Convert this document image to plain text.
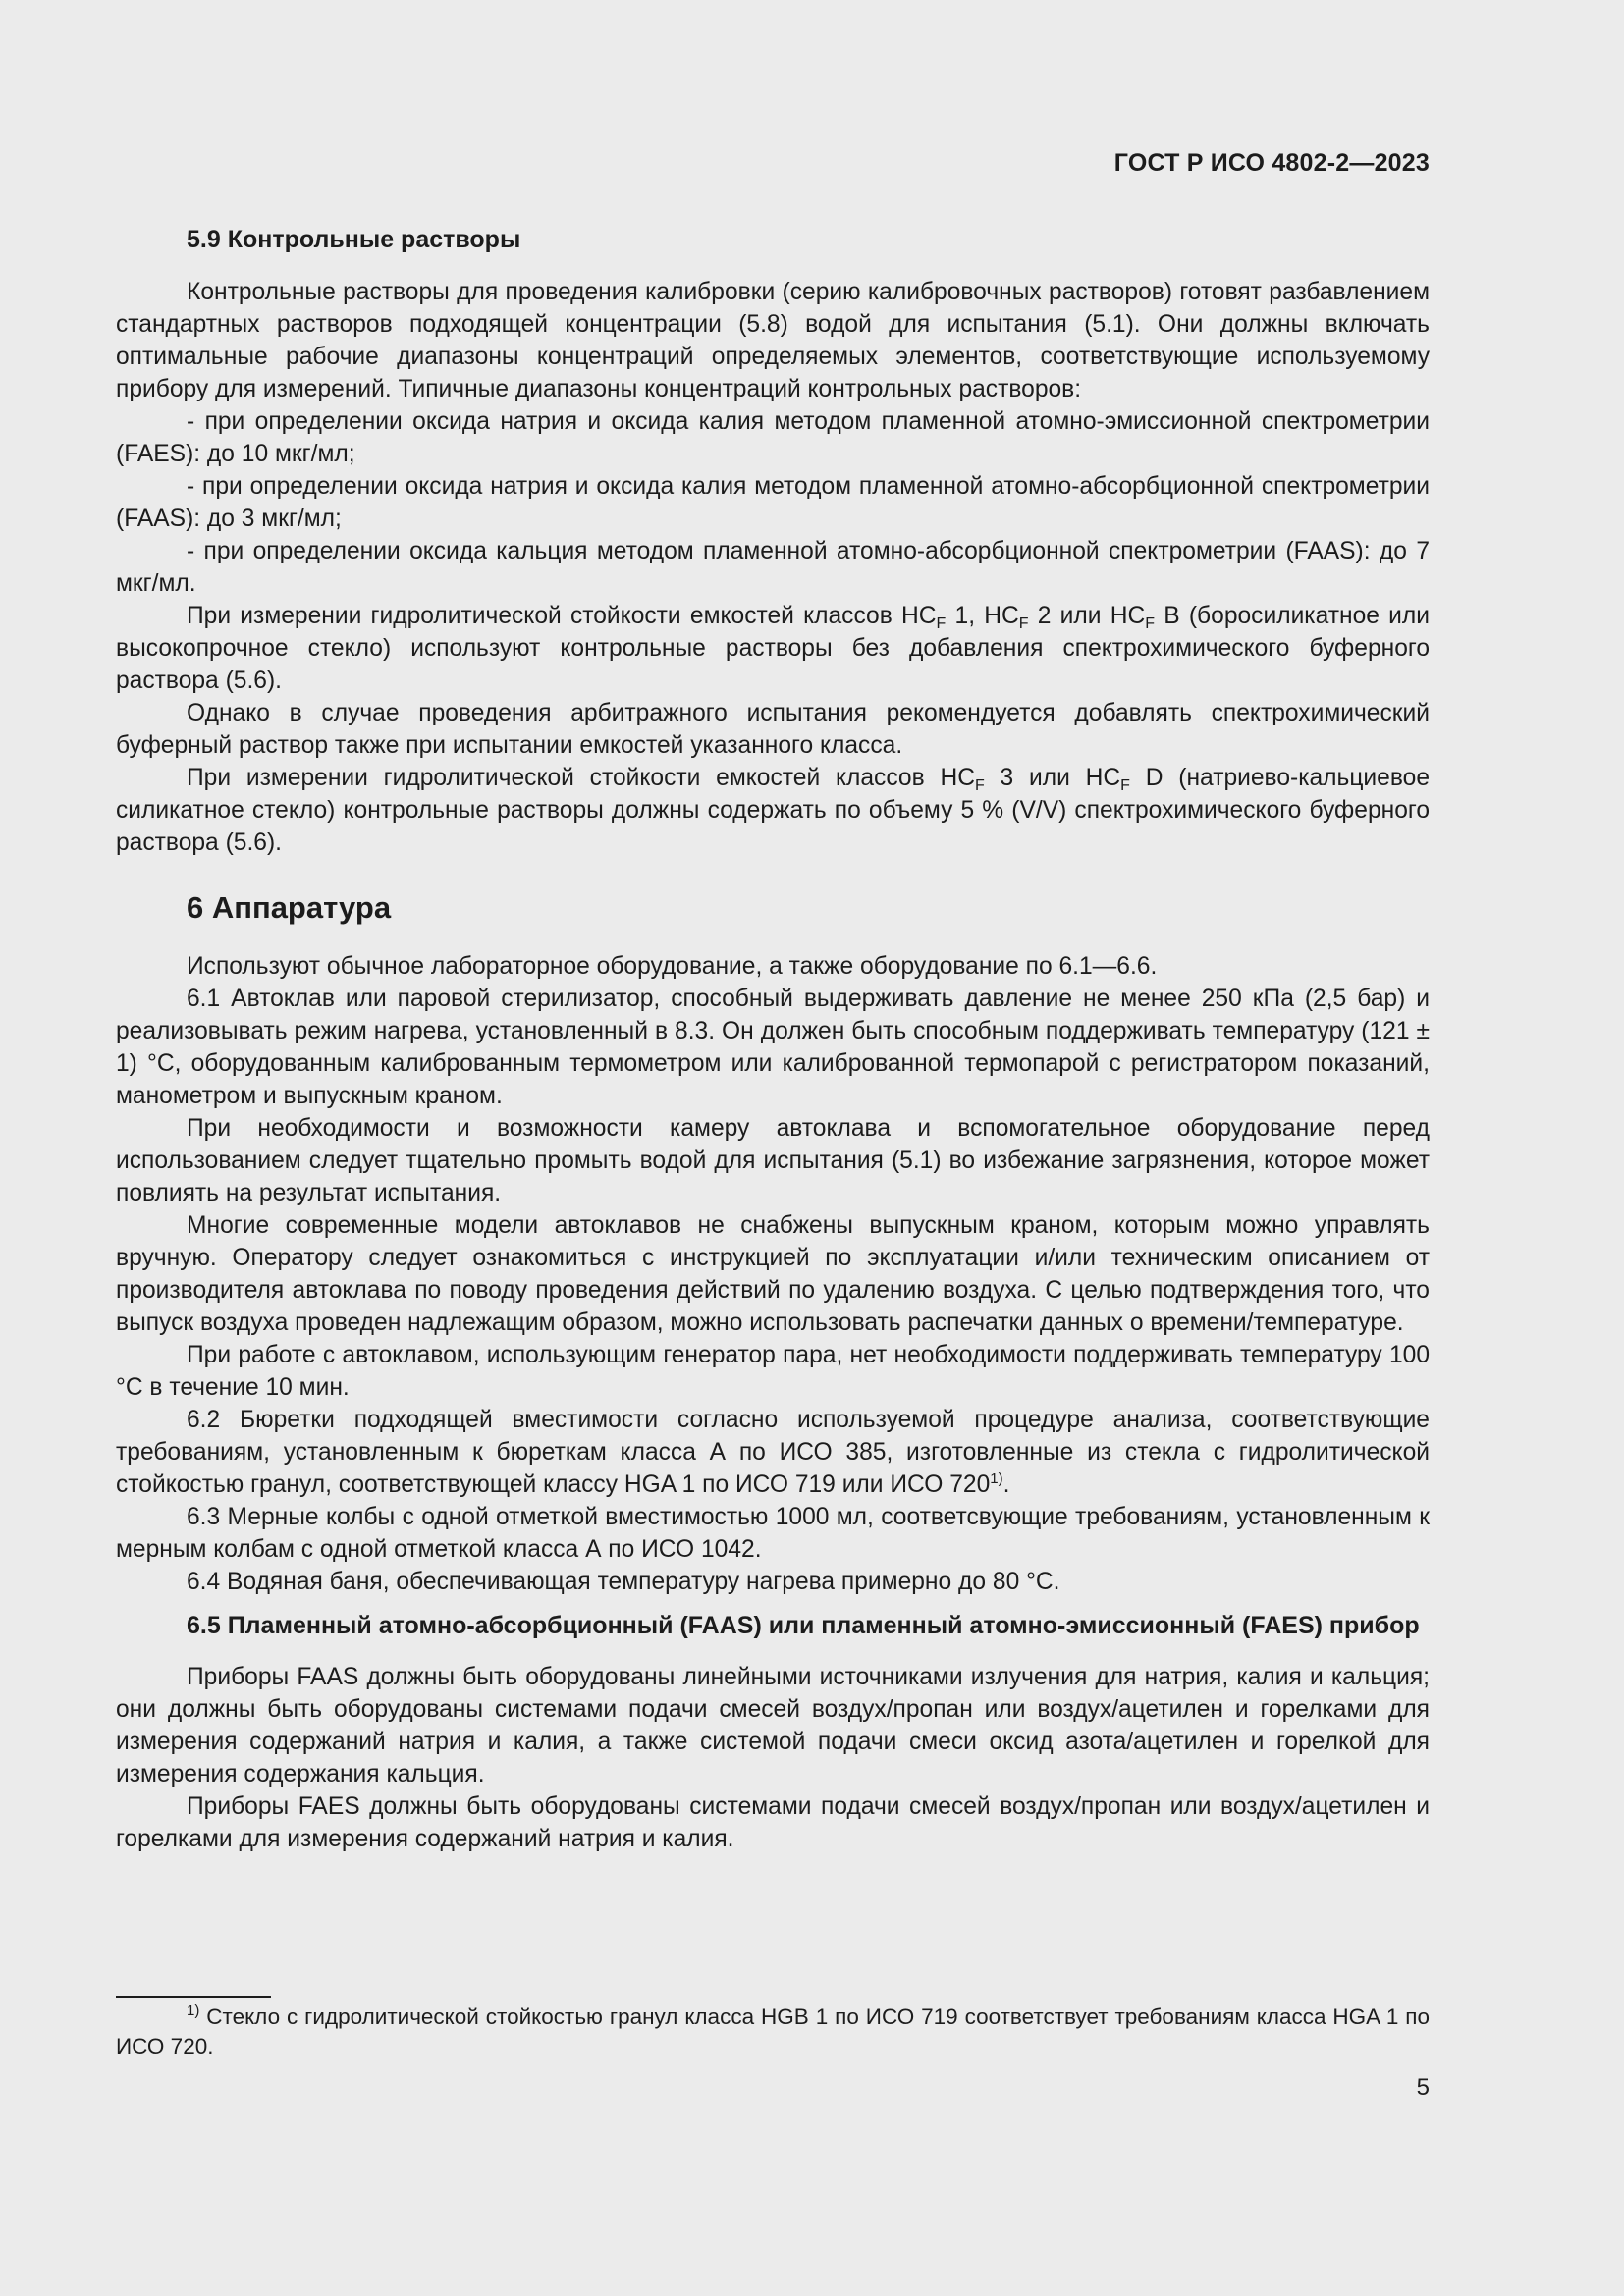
ГОСТ Р ИСО 4802-2—2023
5.9 Контрольные растворы

Контрольные растворы для проведения калибровки (серию калибровочных растворов) готовят разбавлением стандартных растворов подходящей концентрации (5.8) водой для испытания (5.1). Они должны включать оптимальные рабочие диапазоны концентраций определяемых элементов, соответствующие используемому прибору для измерений. Типичные диапазоны концентраций контрольных растворов:

- при определении оксида натрия и оксида калия методом пламенной атомно-эмиссионной спектрометрии (FAES): до 10 мкг/мл;

- при определении оксида натрия и оксида калия методом пламенной атомно-абсорбционной спектрометрии (FAAS): до 3 мкг/мл;

- при определении оксида кальция методом пламенной атомно-абсорбционной спектрометрии (FAAS): до 7 мкг/мл.

При измерении гидролитической стойкости емкостей классов $НС_F$ 1, $НС_F$ 2 или $НС_F$ В (боросиликатное или высокопрочное стекло) используют контрольные растворы без добавления спектрохимического буферного раствора (5.6).

Однако в случае проведения арбитражного испытания рекомендуется добавлять спектрохимический буферный раствор также при испытании емкостей указанного класса.

При измерении гидролитической стойкости емкостей классов $НС_F$ 3 или $НС_F$ D (натриево-кальциевое силикатное стекло) контрольные растворы должны содержать по объему 5 % (V/V) спектрохимического буферного раствора (5.6).

6 Аппаратура

Используют обычное лабораторное оборудование, а также оборудование по 6.1—6.6.

6.1 Автоклав или паровой стерилизатор, способный выдерживать давление не менее 250 кПа (2,5 бар) и реализовывать режим нагрева, установленный в 8.3. Он должен быть способным поддерживать температуру (121 ± 1) °С, оборудованным калиброванным термометром или калиброванной термопарой с регистратором показаний, манометром и выпускным краном.

При необходимости и возможности камеру автоклава и вспомогательное оборудование перед использованием следует тщательно промыть водой для испытания (5.1) во избежание загрязнения, которое может повлиять на результат испытания.

Многие современные модели автоклавов не снабжены выпускным краном, которым можно управлять вручную. Оператору следует ознакомиться с инструкцией по эксплуатации и/или техническим описанием от производителя автоклава по поводу проведения действий по удалению воздуха. С целью подтверждения того, что выпуск воздуха проведен надлежащим образом, можно использовать распечатки данных о времени/температуре.

При работе с автоклавом, использующим генератор пара, нет необходимости поддерживать температуру 100 °С в течение 10 мин.

6.2 Бюретки подходящей вместимости согласно используемой процедуре анализа, соответствующие требованиям, установленным к бюреткам класса А по ИСО 385, изготовленные из стекла с гидролитической стойкостью гранул, соответствующей классу HGA 1 по ИСО 719 или ИСО 720$^{1)}$.

6.3 Мерные колбы с одной отметкой вместимостью 1000 мл, соответсвующие требованиям, установленным к мерным колбам с одной отметкой класса А по ИСО 1042.

6.4 Водяная баня, обеспечивающая температуру нагрева примерно до 80 °С.

6.5 Пламенный атомно-абсорбционный (FAAS) или пламенный атомно-эмиссионный (FAES) прибор

Приборы FAAS должны быть оборудованы линейными источниками излучения для натрия, калия и кальция; они должны быть оборудованы системами подачи смесей воздух/пропан или воздух/ацетилен и горелками для измерения содержаний натрия и калия, а также системой подачи смеси оксид азота/ацетилен и горелкой для измерения содержания кальция.

Приборы FAES должны быть оборудованы системами подачи смесей воздух/пропан или воздух/ацетилен и горелками для измерения содержаний натрия и калия.

$^{1)}$ Стекло с гидролитической стойкостью гранул класса HGB 1 по ИСО 719 соответствует требованиям класса HGA 1 по ИСО 720.
5
